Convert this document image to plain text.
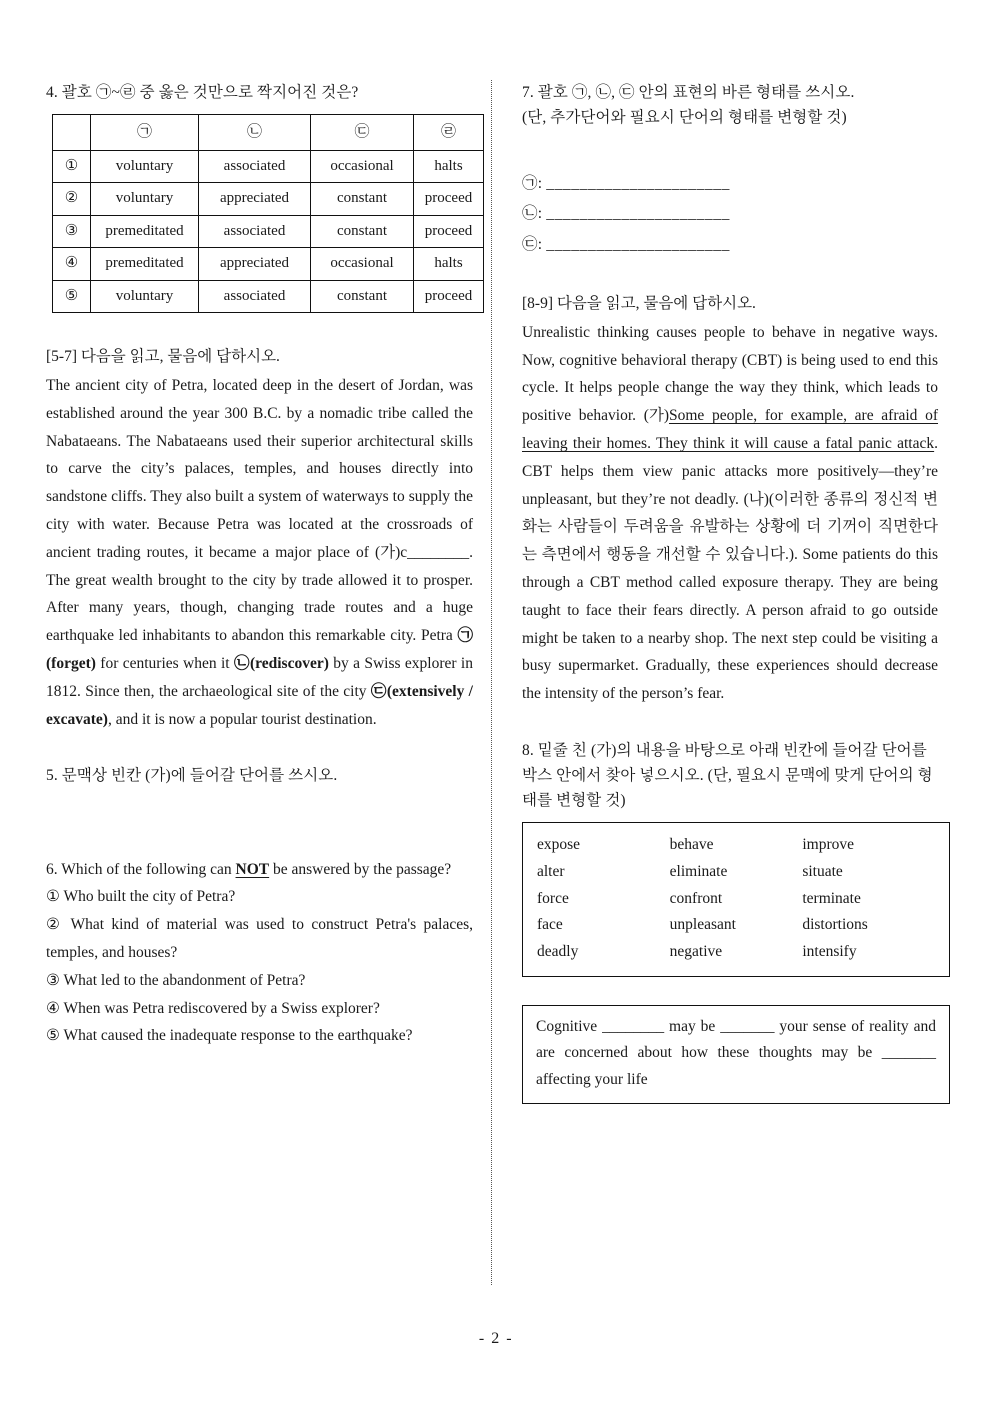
4. 괄호 ㉠~㉣ 중 옳은 것만으로 짝지어진 것은?
	㉠	㉡	㉢	㉣
①	voluntary	associated	occasional	halts
②	voluntary	appreciated	constant	proceed
③	premeditated	associated	constant	proceed
④	premeditated	appreciated	occasional	halts
⑤	voluntary	associated	constant	proceed
[5-7] 다음을 읽고, 물음에 답하시오.
The ancient city of Petra, located deep in the desert of Jordan, was established around the year 300 B.C. by a nomadic tribe called the Nabataeans. The Nabataeans used their superior architectural skills to carve the city’s palaces, temples, and houses directly into sandstone cliffs. They also built a system of waterways to supply the city with water. Because Petra was located at the crossroads of ancient trading routes, it became a major place of (가)c________. The great wealth brought to the city by trade allowed it to prosper. After many years, though, changing trade routes and a huge earthquake led inhabitants to abandon this remarkable city. Petra ㉠(forget) for centuries when it ㉡(rediscover) by a Swiss explorer in 1812. Since then, the archaeological site of the city ㉢(extensively / excavate), and it is now a popular tourist destination.
5. 문맥상 빈칸 (가)에 들어갈 단어를 쓰시오.
6. Which of the following can NOT be answered by the passage?
① Who built the city of Petra?
② What kind of material was used to construct Petra's palaces, temples, and houses?
③ What led to the abandonment of Petra?
④ When was Petra rediscovered by a Swiss explorer?
⑤ What caused the inadequate response to the earthquake?
7. 괄호 ㉠, ㉡, ㉢ 안의 표현의 바른 형태를 쓰시오.
(단, 추가단어와 필요시 단어의 형태를 변형할 것)
㉠: ______________________
㉡: ______________________
㉢: ______________________
[8-9] 다음을 읽고, 물음에 답하시오.
Unrealistic thinking causes people to behave in negative ways. Now, cognitive behavioral therapy (CBT) is being used to end this cycle. It helps people change the way they think, which leads to positive behavior. (가)Some people, for example, are afraid of leaving their homes. They think it will cause a fatal panic attack. CBT helps them view panic attacks more positively—they’re unpleasant, but they’re not deadly. (나)(이러한 종류의 정신적 변화는 사람들이 두려움을 유발하는 상황에 더 기꺼이 직면한다는 측면에서 행동을 개선할 수 있습니다.). Some patients do this through a CBT method called exposure therapy. They are being taught to face their fears directly. A person afraid to go outside might be taken to a nearby shop. The next step could be visiting a busy supermarket. Gradually, these experiences should decrease the intensity of the person’s fear.
8. 밑줄 친 (가)의 내용을 바탕으로 아래 빈칸에 들어갈 단어를 박스 안에서 찾아 넣으시오. (단, 필요시 문맥에 맞게 단어의 형태를 변형할 것)
expose	behave	improve
alter	eliminate	situate
force	confront	terminate
face	unpleasant	distortions
deadly	negative	intensify
Cognitive ________ may be _______ your sense of reality and are concerned about how these thoughts may be _______ affecting your life
- 2 -
